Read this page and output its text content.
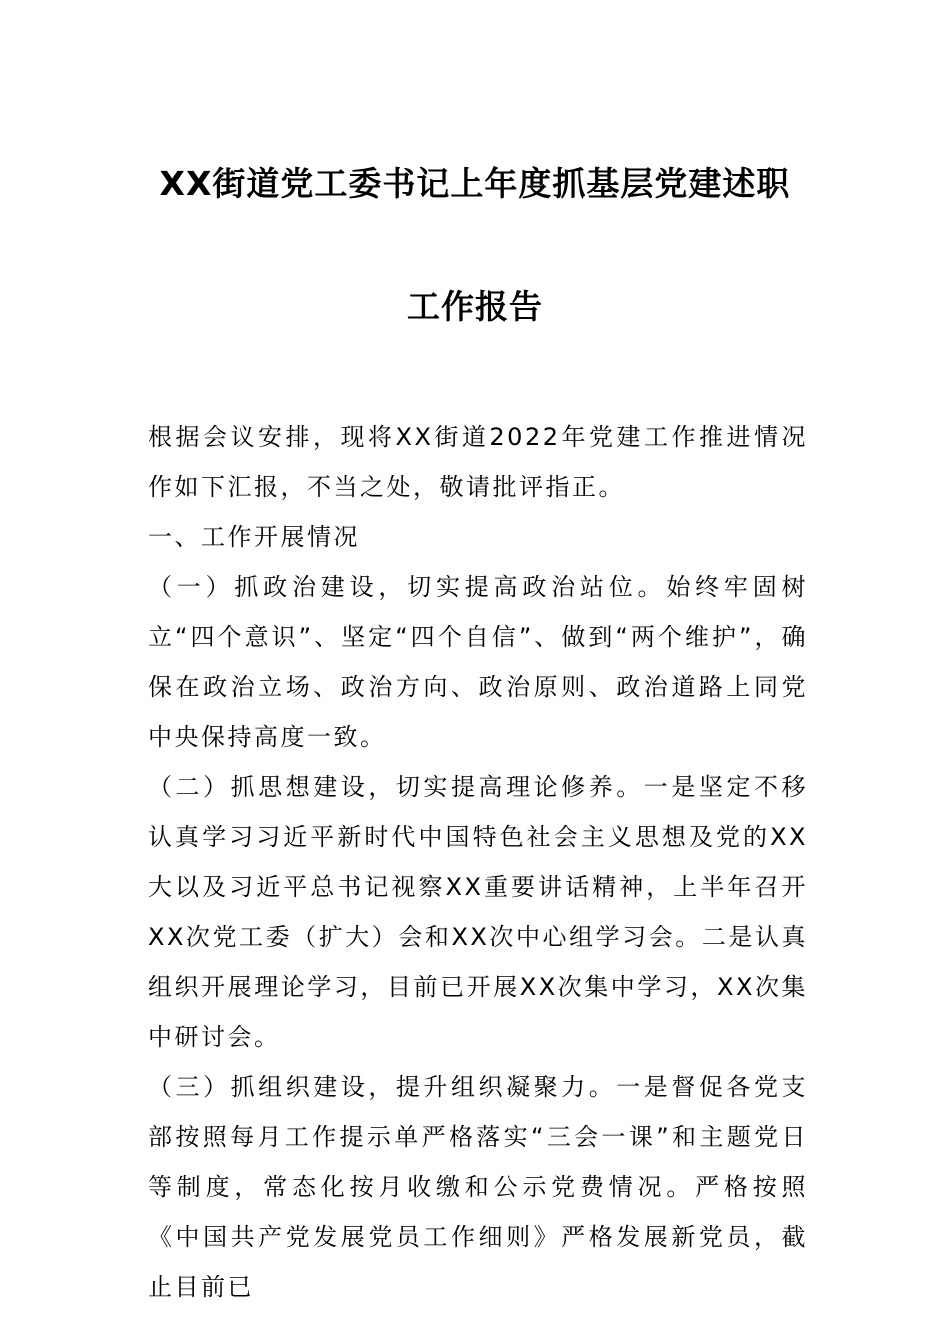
XX街道党工委书记上年度抓基层党建述职
工作报告

根据会议安排，现将XX街道2022年党建工作推进情况作如下汇报，不当之处，敬请批评指正。

一、工作开展情况

（一）抓政治建设，切实提高政治站位。始终牢固树立“四个意识”、坚定“四个自信”、做到“两个维护”，确保在政治立场、政治方向、政治原则、政治道路上同党中央保持高度一致。

（二）抓思想建设，切实提高理论修养。一是坚定不移认真学习习近平新时代中国特色社会主义思想及党的XX大以及习近平总书记视察XX重要讲话精神，上半年召开XX次党工委（扩大）会和XX次中心组学习会。二是认真组织开展理论学习，目前已开展XX次集中学习，XX次集中研讨会。

（三）抓组织建设，提升组织凝聚力。一是督促各党支部按照每月工作提示单严格落实“三会一课”和主题党日等制度，常态化按月收缴和公示党费情况。严格按照《中国共产党发展党员工作细则》严格发展新党员，截止目前已
